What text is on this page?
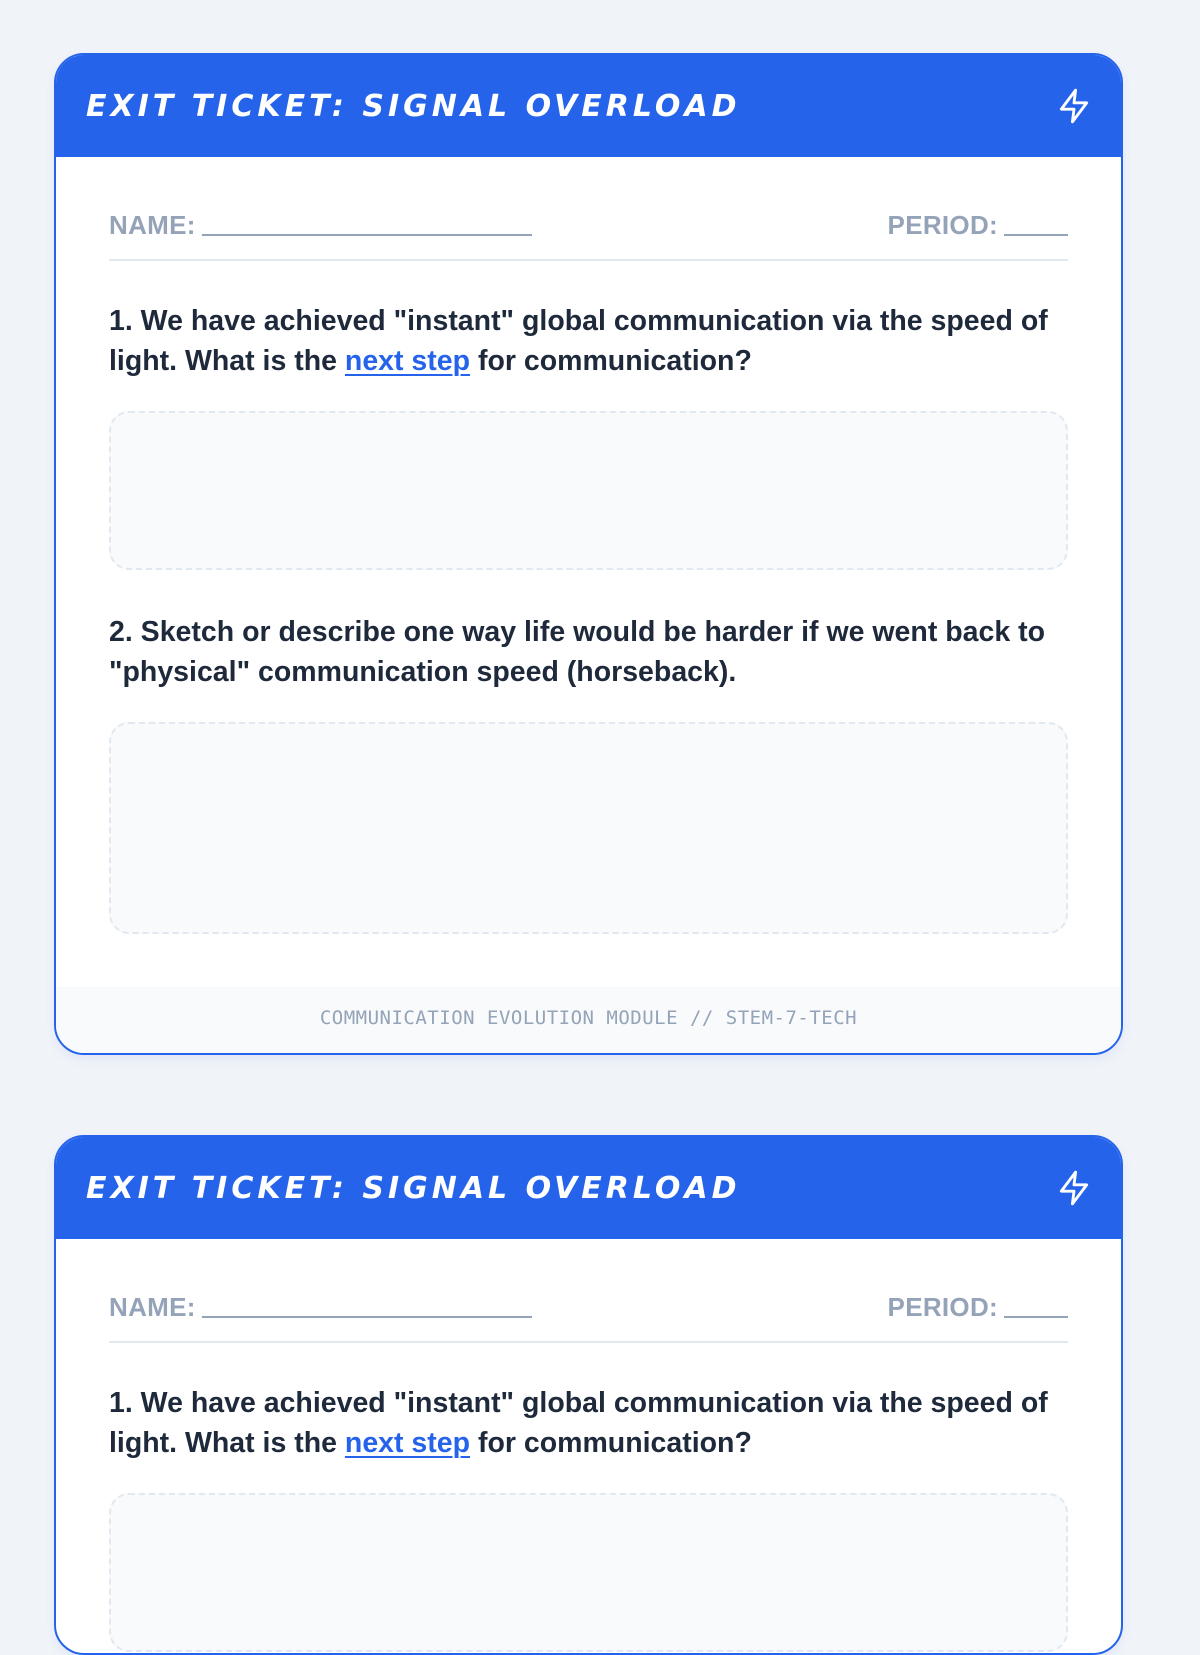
EXIT TICKET: SIGNAL OVERLOAD
NAME:	PERIOD:

1. We have achieved "instant" global communication via the speed of light. What is the next step for communication?

2. Sketch or describe one way life would be harder if we went back to "physical" communication speed (horseback).

COMMUNICATION EVOLUTION MODULE // STEM-7-TECH
EXIT TICKET: SIGNAL OVERLOAD
NAME:	PERIOD:

1. We have achieved "instant" global communication via the speed of light. What is the next step for communication?
